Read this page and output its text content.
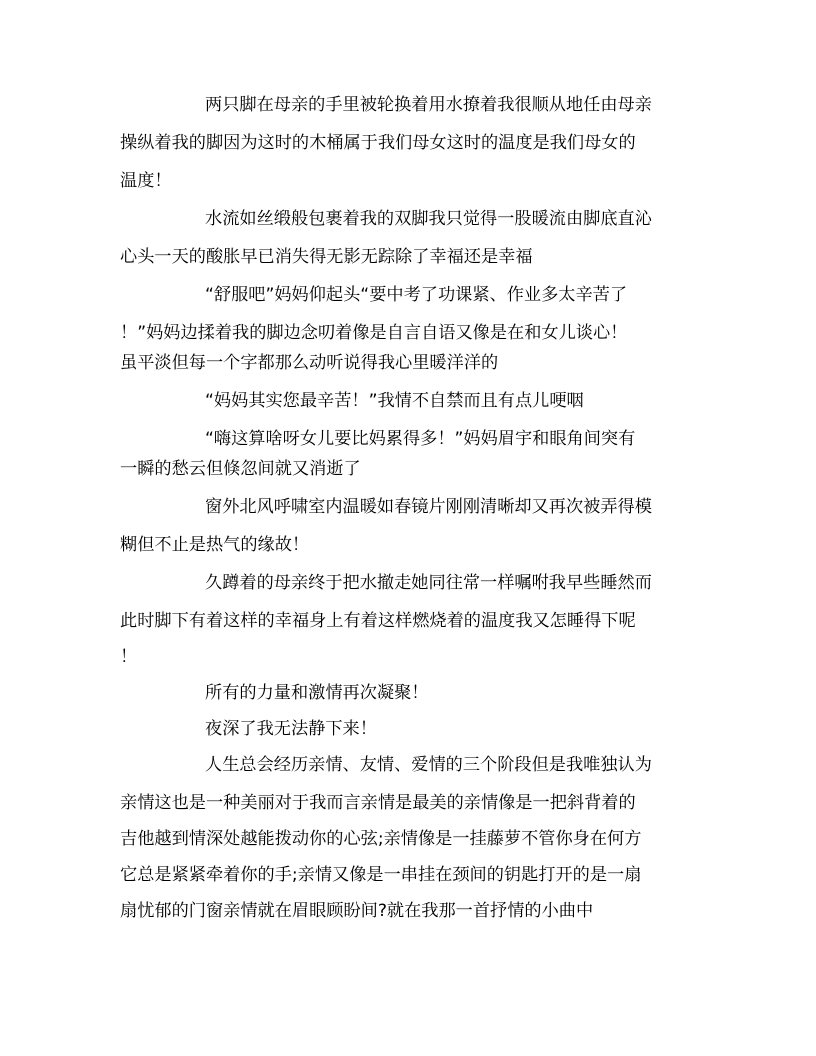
两只脚在母亲的手里被轮换着用水撩着我很顺从地任由母亲
操纵着我的脚因为这时的木桶属于我们母女这时的温度是我们母女的
温度！
水流如丝缎般包裹着我的双脚我只觉得一股暖流由脚底直沁
心头一天的酸胀早已消失得无影无踪除了幸福还是幸福
“舒服吧”妈妈仰起头“要中考了功课紧、作业多太辛苦了
！”妈妈边揉着我的脚边念叨着像是自言自语又像是在和女儿谈心！
虽平淡但每一个字都那么动听说得我心里暖洋洋的
“妈妈其实您最辛苦！”我情不自禁而且有点儿哽咽
“嗨这算啥呀女儿要比妈累得多！”妈妈眉宇和眼角间突有
一瞬的愁云但倏忽间就又消逝了
窗外北风呼啸室内温暖如春镜片刚刚清晰却又再次被弄得模
糊但不止是热气的缘故！
久蹲着的母亲终于把水撤走她同往常一样嘱咐我早些睡然而
此时脚下有着这样的幸福身上有着这样燃烧着的温度我又怎睡得下呢
！
所有的力量和激情再次凝聚！
夜深了我无法静下来！
人生总会经历亲情、友情、爱情的三个阶段但是我唯独认为
亲情这也是一种美丽对于我而言亲情是最美的亲情像是一把斜背着的
吉他越到情深处越能拨动你的心弦;亲情像是一挂藤萝不管你身在何方
它总是紧紧牵着你的手;亲情又像是一串挂在颈间的钥匙打开的是一扇
扇忧郁的门窗亲情就在眉眼顾盼间?就在我那一首抒情的小曲中
